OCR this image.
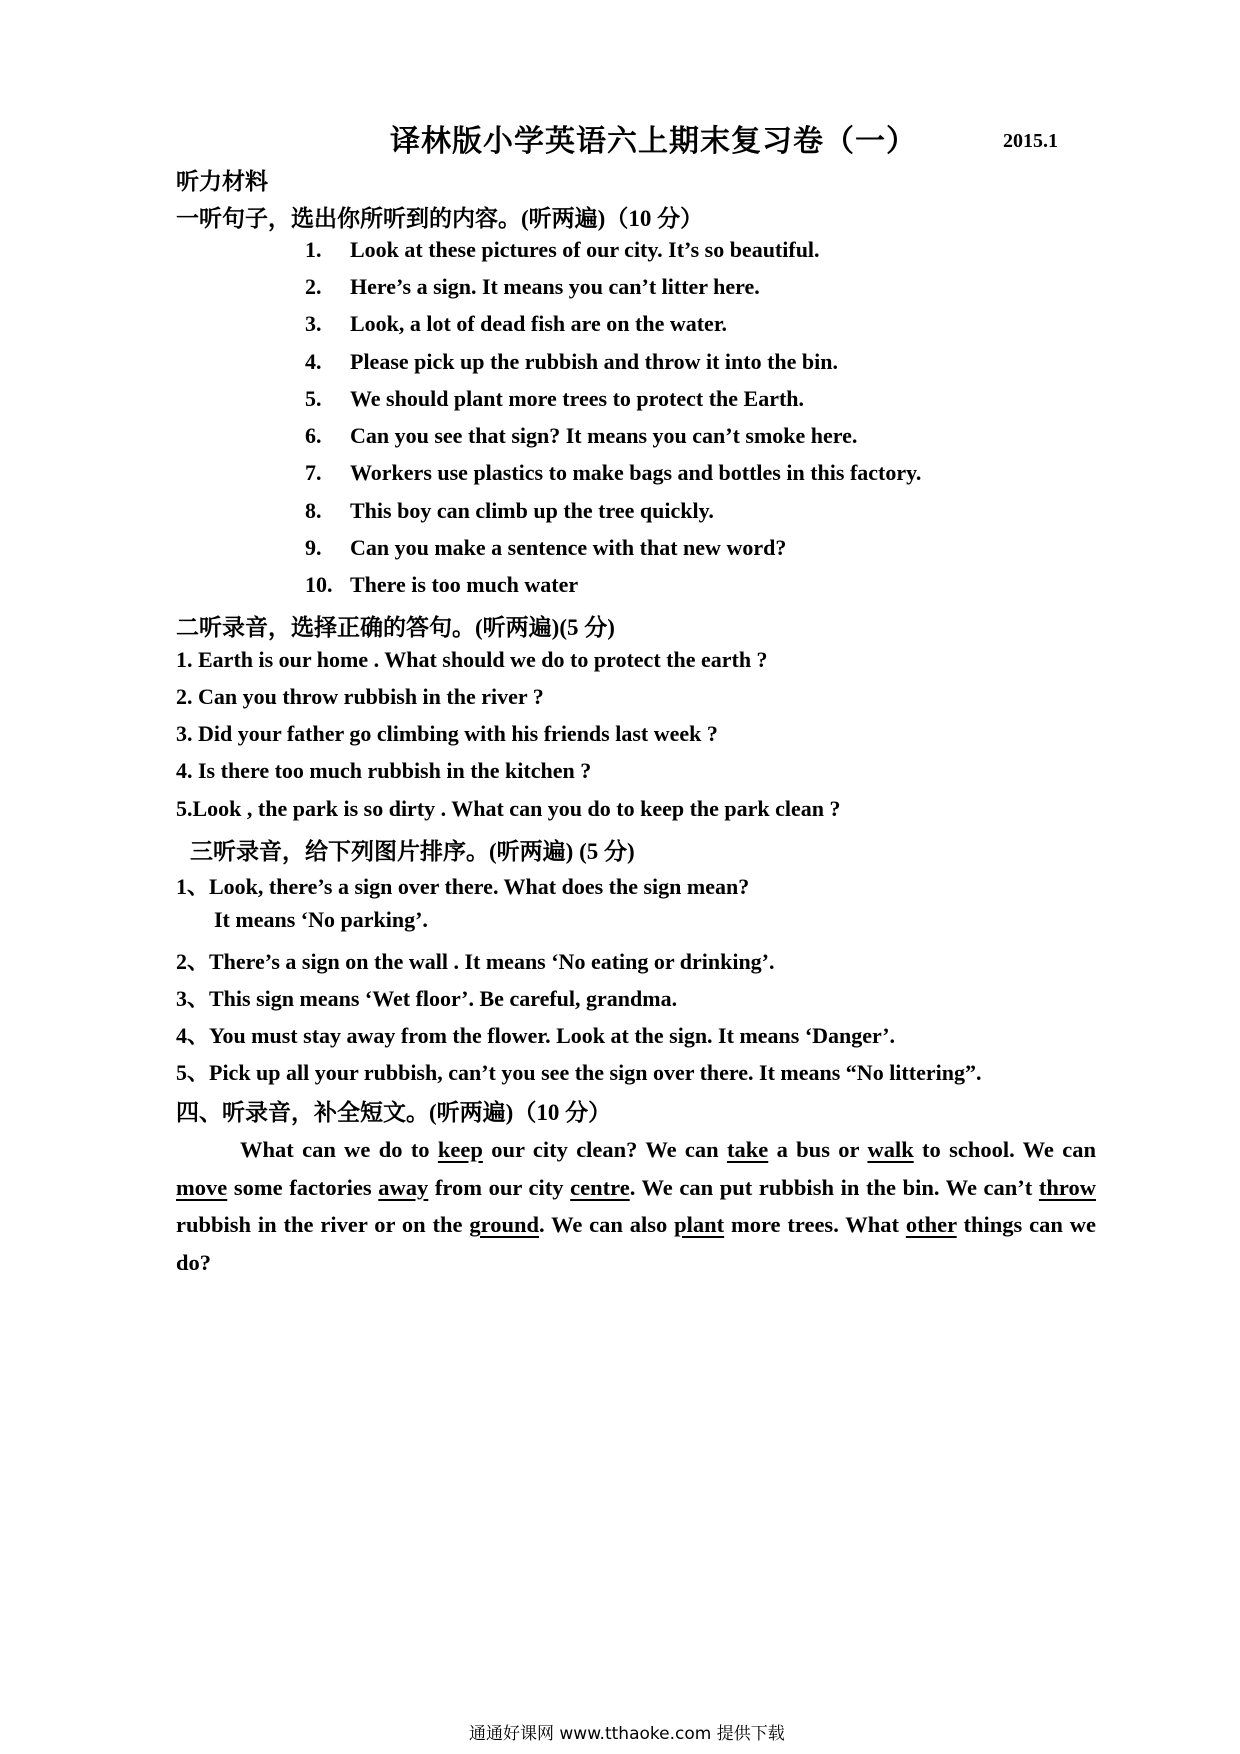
译林版小学英语六上期末复习卷（一）	2015.1
听力材料
一听句子，选出你所听到的内容。(听两遍)（10 分）
1. Look at these pictures of our city. It’s so beautiful.
2. Here’s a sign. It means you can’t litter here.
3. Look, a lot of dead fish are on the water.
4. Please pick up the rubbish and throw it into the bin.
5. We should plant more trees to protect the Earth.
6. Can you see that sign? It means you can’t smoke here.
7. Workers use plastics to make bags and bottles in this factory.
8. This boy can climb up the tree quickly.
9. Can you make a sentence with that new word?
10. There is too much water
二听录音，选择正确的答句。(听两遍)(5 分)
1. Earth is our home . What should we do to protect the earth ?
2. Can you throw rubbish in the river ?
3. Did your father go climbing with his friends last week ?
4. Is there too much rubbish in the kitchen ?
5.Look , the park is so dirty . What can you do to keep the park clean ?
三听录音，给下列图片排序。(听两遍) (5 分)
1、Look, there’s a sign over there. What does the sign mean?
It means ‘No parking’.
2、There’s a sign on the wall . It means ‘No eating or drinking’.
3、This sign means ‘Wet floor’. Be careful, grandma.
4、You must stay away from the flower. Look at the sign. It means ‘Danger’.
5、Pick up all your rubbish, can’t you see the sign over there. It means “No littering”.
四、听录音，补全短文。(听两遍)（10 分）
What can we do to keep our city clean? We can take a bus or walk to school. We can move some factories away from our city centre. We can put rubbish in the bin. We can’t throw rubbish in the river or on the ground. We can also plant more trees. What other things can we do?
通通好课网 www.tthaoke.com 提供下载
